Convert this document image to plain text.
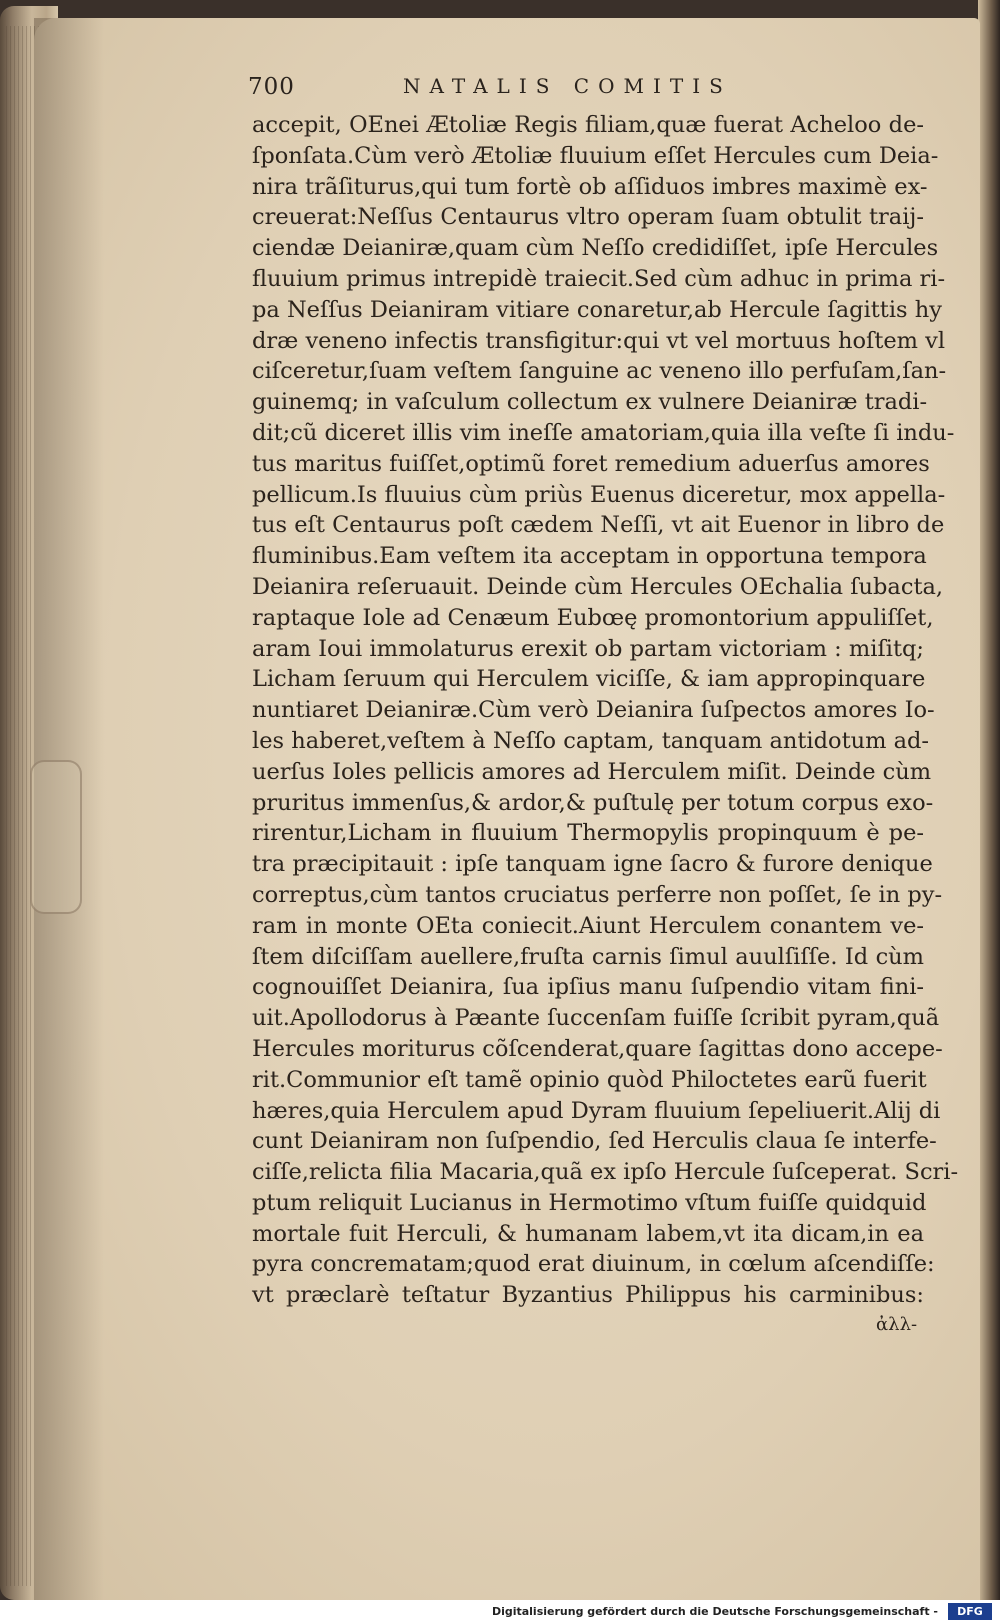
700	NATALIS COMITIS
accepit, OEnei Ætoliæ Regis filiam,quæ fuerat Acheloo de-
ſponſata.Cùm verò Ætoliæ fluuium eſſet Hercules cum Deia-
nira trãſiturus,qui tum fortè ob aſſiduos imbres maximè ex-
creuerat:Neſſus Centaurus vltro operam ſuam obtulit traij-
ciendæ Deianiræ,quam cùm Neſſo credidiſſet, ipſe Hercules
fluuium primus intrepidè traiecit.Sed cùm adhuc in prima ri-
pa Neſſus Deianiram vitiare conaretur,ab Hercule ſagittis hy
dræ veneno infectis transfigitur:qui vt vel mortuus hoſtem vl
ciſceretur,ſuam veſtem ſanguine ac veneno illo perfuſam,ſan-
guinemq; in vaſculum collectum ex vulnere Deianiræ tradi-
dit;cũ diceret illis vim ineſſe amatoriam,quia illa veſte ſi indu-
tus maritus fuiſſet,optimũ foret remedium aduerſus amores
pellicum.Is fluuius cùm priùs Euenus diceretur, mox appella-
tus eſt Centaurus poſt cædem Neſſi, vt ait Euenor in libro de
fluminibus.Eam veſtem ita acceptam in opportuna tempora
Deianira reſeruauit. Deinde cùm Hercules OEchalia ſubacta,
raptaque Iole ad Cenæum Eubœę promontorium appuliſſet,
aram Ioui immolaturus erexit ob partam victoriam : miſitq;
Licham ſeruum qui Herculem viciſſe, & iam appropinquare
nuntiaret Deianiræ.Cùm verò Deianira ſuſpectos amores Io-
les haberet,veſtem à Neſſo captam, tanquam antidotum ad-
uerſus Ioles pellicis amores ad Herculem miſit. Deinde cùm
pruritus immenſus,& ardor,& puſtulę per totum corpus exo-
rirentur,Licham in fluuium Thermopylis propinquum è pe-
tra præcipitauit : ipſe tanquam igne ſacro & furore denique
correptus,cùm tantos cruciatus perferre non poſſet, ſe in py-
ram in monte OEta coniecit.Aiunt Herculem conantem ve-
ſtem diſciſſam auellere,fruſta carnis ſimul auulſiſſe. Id cùm
cognouiſſet Deianira, ſua ipſius manu ſuſpendio vitam fini-
uit.Apollodorus à Pæante ſuccenſam fuiſſe ſcribit pyram,quã
Hercules moriturus cõſcenderat,quare ſagittas dono accepe-
rit.Communior eſt tamẽ opinio quòd Philoctetes earũ fuerit
hæres,quia Herculem apud Dyram fluuium ſepeliuerit.Alij di
cunt Deianiram non ſuſpendio, ſed Herculis claua ſe interfe-
ciſſe,relicta filia Macaria,quã ex ipſo Hercule ſuſceperat. Scri-
ptum reliquit Lucianus in Hermotimo vſtum fuiſſe quidquid
mortale fuit Herculi, & humanam labem,vt ita dicam,in ea
pyra concrematam;quod erat diuinum, in cœlum aſcendiſſe:
vt præclarè teſtatur Byzantius Philippus his carminibus:
ἀλλ-
Digitalisierung gefördert durch die Deutsche Forschungsgemeinschaft -	DFG
